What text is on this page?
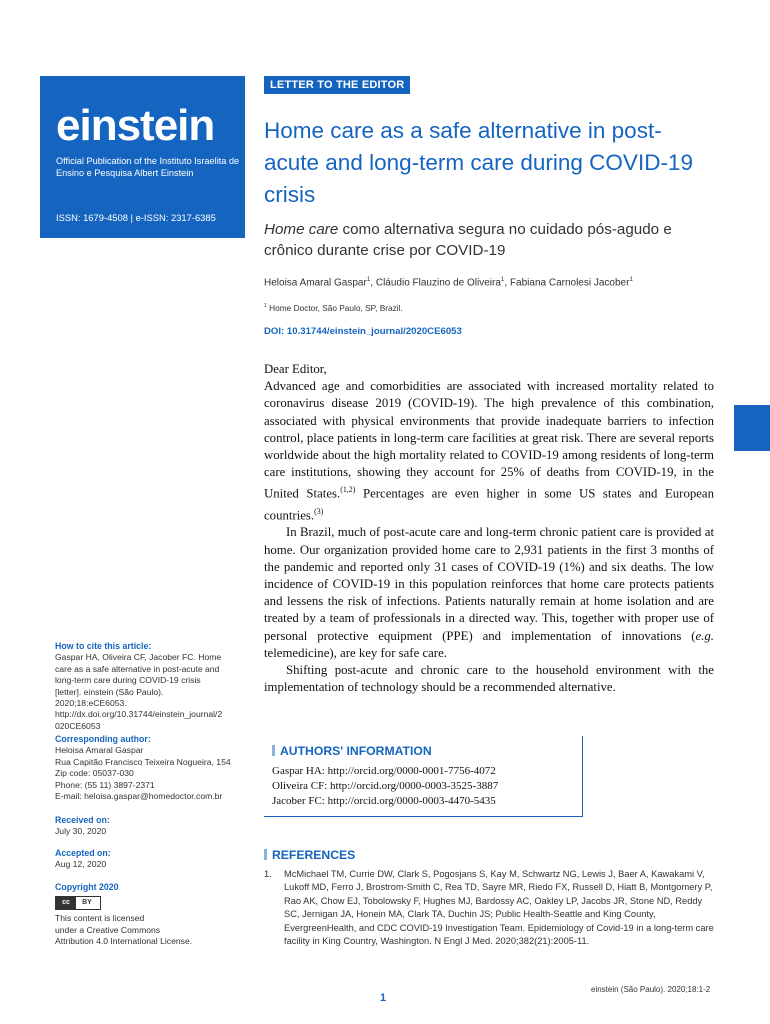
einstein
Official Publication of the Instituto Israelita de Ensino e Pesquisa Albert Einstein
ISSN: 1679-4508 | e-ISSN: 2317-6385
LETTER TO THE EDITOR
Home care as a safe alternative in post-acute and long-term care during COVID-19 crisis
Home care como alternativa segura no cuidado pós-agudo e crônico durante crise por COVID-19
Heloisa Amaral Gaspar$^1$, Cláudio Flauzino de Oliveira$^1$, Fabiana Carnolesi Jacober$^1$
$^1$ Home Doctor, São Paulo, SP, Brazil.
DOI: 10.31744/einstein_journal/2020CE6053

Dear Editor,

Advanced age and comorbidities are associated with increased mortality related to coronavirus disease 2019 (COVID-19). The high prevalence of this combination, associated with physical environments that provide inadequate barriers to infection control, place patients in long-term care facilities at great risk. There are several reports worldwide about the high mortality related to COVID-19 among residents of long-term care institutions, showing they account for 25% of deaths from COVID-19, in the United States.$^{(1,2)}$ Percentages are even higher in some US states and European countries.$^{(3)}$

In Brazil, much of post-acute care and long-term chronic patient care is provided at home. Our organization provided home care to 2,931 patients in the first 3 months of the pandemic and reported only 31 cases of COVID-19 (1%) and six deaths. The low incidence of COVID-19 in this population reinforces that home care protects patients and lessens the risk of infections. Patients naturally remain at home isolation and are treated by a team of professionals in a directed way. This, together with proper use of personal protective equipment (PPE) and implementation of innovations (e.g. telemedicine), are key for safe care.

Shifting post-acute and chronic care to the household environment with the implementation of technology should be a recommended alternative.

How to cite this article:
Gaspar HA, Oliveira CF, Jacober FC. Home care as a safe alternative in post-acute and long-term care during COVID-19 crisis [letter]. einstein (São Paulo). 2020;18:eCE6053. http://dx.doi.org/10.31744/einstein_journal/2020CE6053
Corresponding author:
Heloisa Amaral Gaspar
Rua Capitão Francisco Teixeira Nogueira, 154
Zip code: 05037-030
Phone: (55 11) 3897-2371
E-mail: heloisa.gaspar@homedoctor.com.br
Received on:
July 30, 2020
Accepted on:
Aug 12, 2020
Copyright 2020
cc BY
This content is licensed
under a Creative Commons
Attribution 4.0 International License.
AUTHORS' INFORMATION
Gaspar HA: http://orcid.org/0000-0001-7756-4072
Oliveira CF: http://orcid.org/0000-0003-3525-3887
Jacober FC: http://orcid.org/0000-0003-4470-5435
REFERENCES
1. McMichael TM, Currie DW, Clark S, Pogosjans S, Kay M, Schwartz NG, Lewis J, Baer A, Kawakami V, Lukoff MD, Ferro J, Brostrom-Smith C, Rea TD, Sayre MR, Riedo FX, Russell D, Hiatt B, Montgomery P, Rao AK, Chow EJ, Tobolowsky F, Hughes MJ, Bardossy AC, Oakley LP, Jacobs JR, Stone ND, Reddy SC, Jernigan JA, Honein MA, Clark TA, Duchin JS; Public Health-Seattle and King County, EvergreenHealth, and CDC COVID-19 Investigation Team. Epidemiology of Covid-19 in a long-term care facility in King Country, Washington. N Engl J Med. 2020;382(21):2005-11.
einstein (São Paulo). 2020;18:1-2
1
